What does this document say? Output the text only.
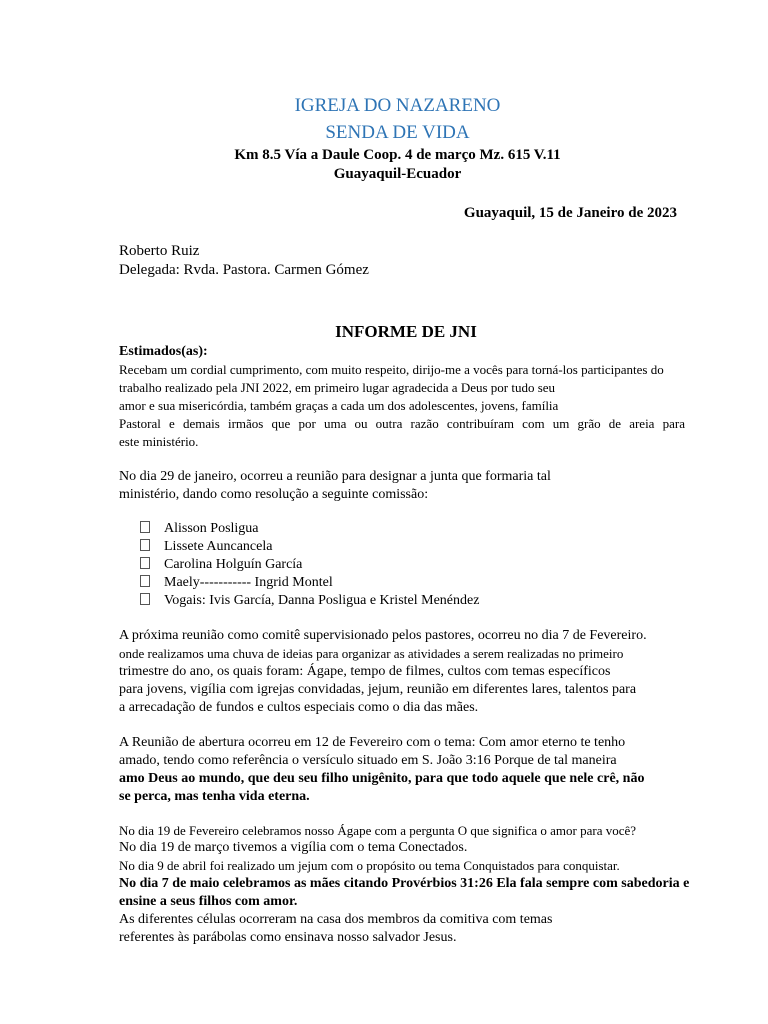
IGREJA DO NAZARENO
SENDA DE VIDA
Km 8.5 Vía a Daule Coop. 4 de março Mz. 615 V.11
Guayaquil-Ecuador
Guayaquil, 15 de Janeiro de 2023
Roberto Ruiz
Delegada: Rvda. Pastora. Carmen Gómez
INFORME DE JNI
Estimados(as):
Recebam um cordial cumprimento, com muito respeito, dirijo-me a vocês para torná-los participantes do
trabalho realizado pela JNI 2022, em primeiro lugar agradecida a Deus por tudo seu
amor e sua misericórdia, também graças a cada um dos adolescentes, jovens, família
Pastoral e demais irmãos que por uma ou outra razão contribuíram com um grão de areia para
este ministério.
No dia 29 de janeiro, ocorreu a reunião para designar a junta que formaria tal
ministério, dando como resolução a seguinte comissão:
Alisson Posligua
Lissete Auncancela
Carolina Holguín García
Maely----------- Ingrid Montel
Vogais: Ivis García, Danna Posligua e Kristel Menéndez
A próxima reunião como comitê supervisionado pelos pastores, ocorreu no dia 7 de Fevereiro.
onde realizamos uma chuva de ideias para organizar as atividades a serem realizadas no primeiro
trimestre do ano, os quais foram: Ágape, tempo de filmes, cultos com temas específicos
para jovens, vigília com igrejas convidadas, jejum, reunião em diferentes lares, talentos para
a arrecadação de fundos e cultos especiais como o dia das mães.
A Reunião de abertura ocorreu em 12 de Fevereiro com o tema: Com amor eterno te tenho
amado, tendo como referência o versículo situado em S. João 3:16 Porque de tal maneira
amo Deus ao mundo, que deu seu filho unigênito, para que todo aquele que nele crê, não
se perca, mas tenha vida eterna.
No dia 19 de Fevereiro celebramos nosso Ágape com a pergunta O que significa o amor para você?
No dia 19 de março tivemos a vigília com o tema Conectados.
No dia 9 de abril foi realizado um jejum com o propósito ou tema Conquistados para conquistar.
No dia 7 de maio celebramos as mães citando Provérbios 31:26 Ela fala sempre com sabedoria e
ensine a seus filhos com amor.
As diferentes células ocorreram na casa dos membros da comitiva com temas
referentes às parábolas como ensinava nosso salvador Jesus.
